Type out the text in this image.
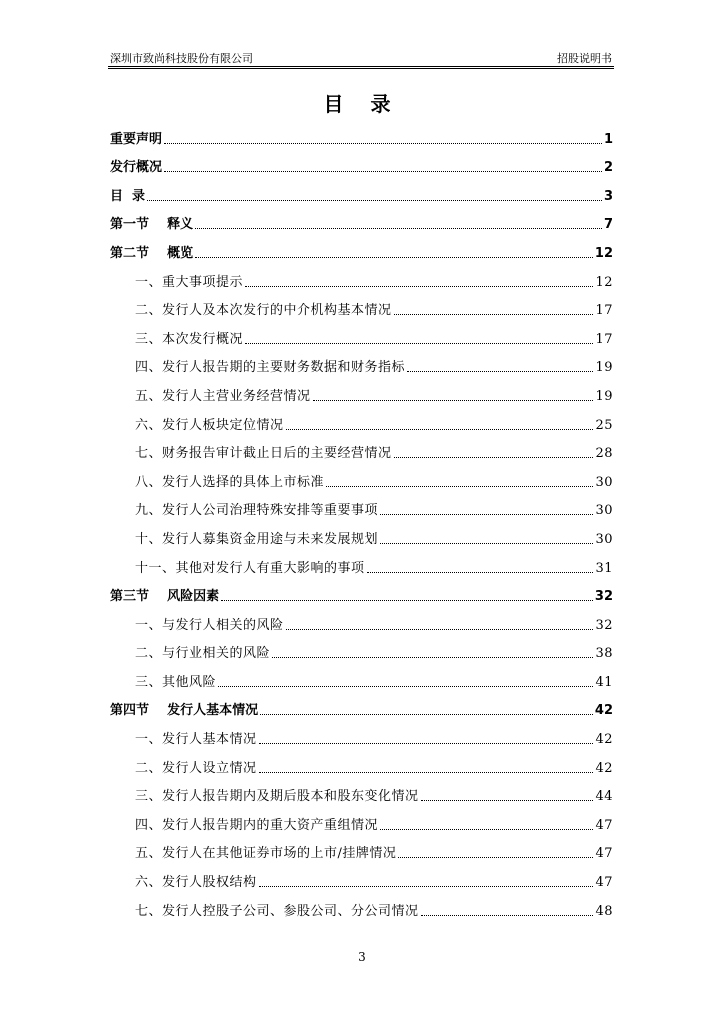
深圳市致尚科技股份有限公司	招股说明书
目 录
重要声明	1
发行概况	2
目  录	3
第一节    释义	7
第二节    概览	12
一、重大事项提示	12
二、发行人及本次发行的中介机构基本情况	17
三、本次发行概况	17
四、发行人报告期的主要财务数据和财务指标	19
五、发行人主营业务经营情况	19
六、发行人板块定位情况	25
七、财务报告审计截止日后的主要经营情况	28
八、发行人选择的具体上市标准	30
九、发行人公司治理特殊安排等重要事项	30
十、发行人募集资金用途与未来发展规划	30
十一、其他对发行人有重大影响的事项	31
第三节    风险因素	32
一、与发行人相关的风险	32
二、与行业相关的风险	38
三、其他风险	41
第四节    发行人基本情况	42
一、发行人基本情况	42
二、发行人设立情况	42
三、发行人报告期内及期后股本和股东变化情况	44
四、发行人报告期内的重大资产重组情况	47
五、发行人在其他证券市场的上市/挂牌情况	47
六、发行人股权结构	47
七、发行人控股子公司、参股公司、分公司情况	48
3
